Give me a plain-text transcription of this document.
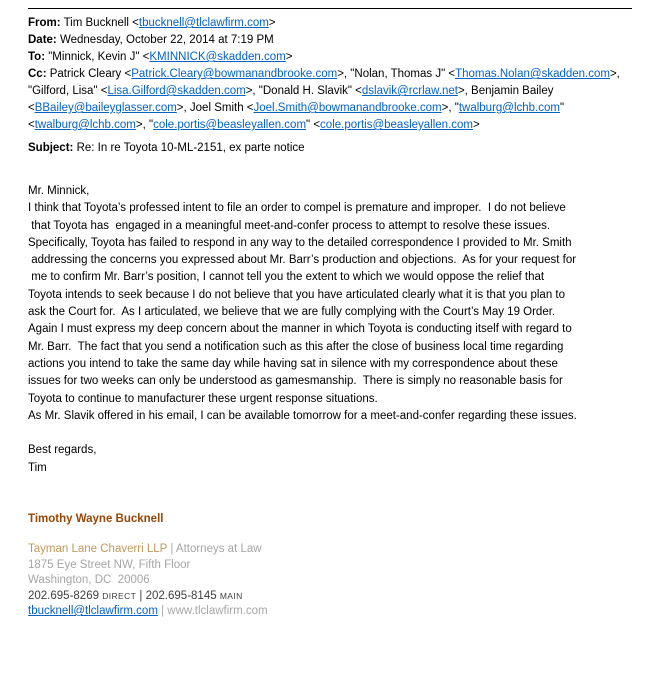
From: Tim Bucknell <tbucknell@tlclawfirm.com>
Date: Wednesday, October 22, 2014 at 7:19 PM
To: "Minnick, Kevin J" <KMINNICK@skadden.com>
Cc: Patrick Cleary <Patrick.Cleary@bowmanandbrooke.com>, "Nolan, Thomas J" <Thomas.Nolan@skadden.com>, "Gilford, Lisa" <Lisa.Gilford@skadden.com>, "Donald H. Slavik" <dslavik@rcrlaw.net>, Benjamin Bailey <BBailey@baileyglasser.com>, Joel Smith <Joel.Smith@bowmanandbrooke.com>, "twalburg@lchb.com" <twalburg@lchb.com>, "cole.portis@beasleyallen.com" <cole.portis@beasleyallen.com>
Subject: Re: In re Toyota 10-ML-2151, ex parte notice
Mr. Minnick,
I think that Toyota’s professed intent to file an order to compel is premature and improper.  I do not believe
that Toyota has  engaged in a meaningful meet-and-confer process to attempt to resolve these issues.
Specifically, Toyota has failed to respond in any way to the detailed correspondence I provided to Mr. Smith
addressing the concerns you expressed about Mr. Barr’s production and objections.  As for your request for
me to confirm Mr. Barr’s position, I cannot tell you the extent to which we would oppose the relief that
Toyota intends to seek because I do not believe that you have articulated clearly what it is that you plan to
ask the Court for.  As I articulated, we believe that we are fully complying with the Court’s May 19 Order.
Again I must express my deep concern about the manner in which Toyota is conducting itself with regard to
Mr. Barr.  The fact that you send a notification such as this after the close of business local time regarding
actions you intend to take the same day while having sat in silence with my correspondence about these
issues for two weeks can only be understood as gamesmanship.  There is simply no reasonable basis for
Toyota to continue to manufacturer these urgent response situations.
As Mr. Slavik offered in his email, I can be available tomorrow for a meet-and-confer regarding these issues.

Best regards,
Tim
Timothy Wayne Bucknell
Tayman Lane Chaverri LLP | Attorneys at Law
1875 Eye Street NW, Fifth Floor
Washington, DC  20006
202.695-8269 DIRECT | 202.695-8145 MAIN
tbucknell@tlclawfirm.com | www.tlclawfirm.com
